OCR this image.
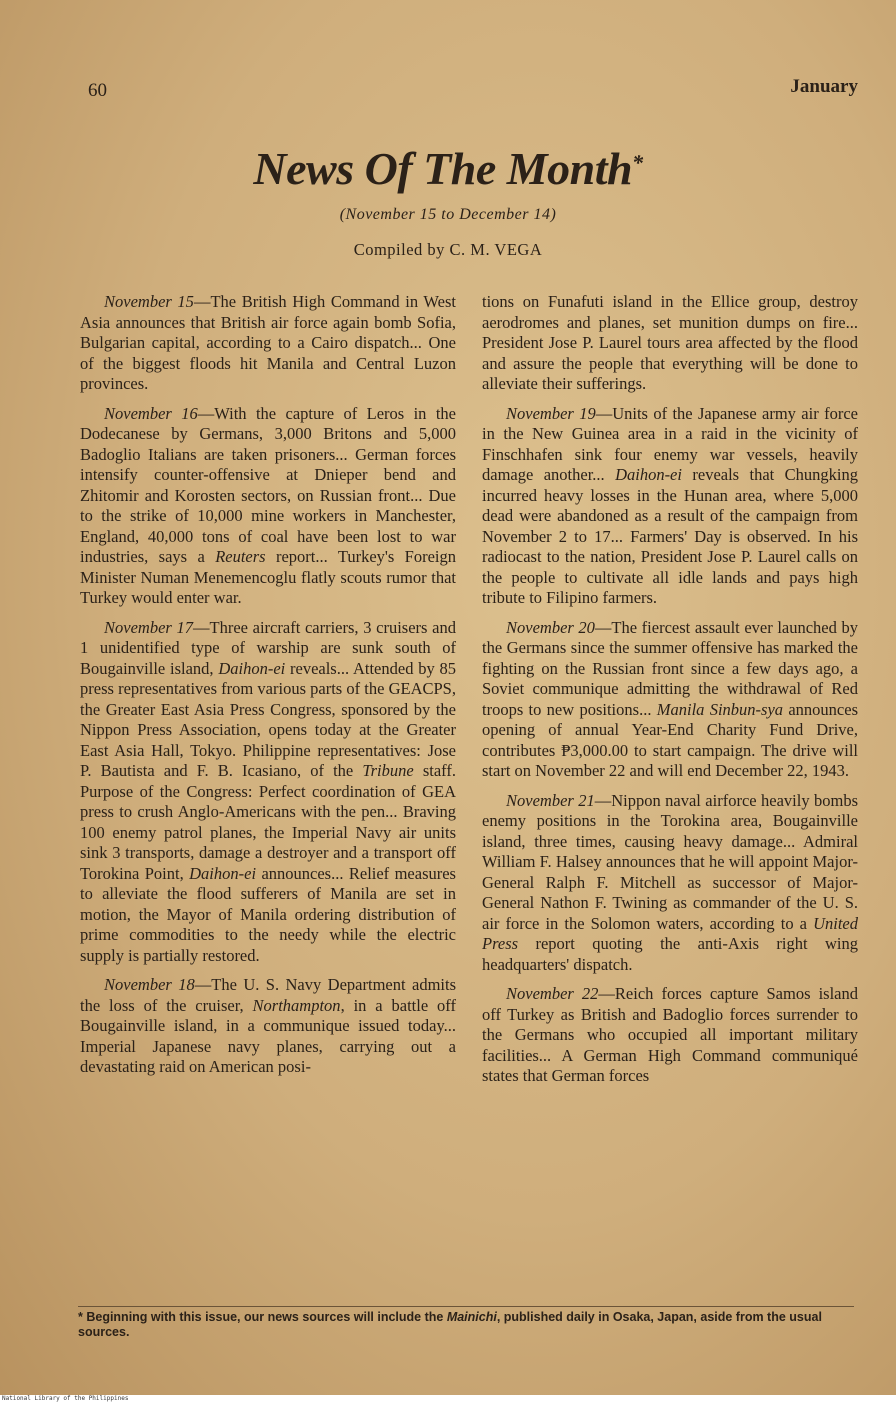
60	January
News Of The Month*
(November 15 to December 14)
Compiled by C. M. VEGA

November 15—The British High Command in West Asia announces that British air force again bomb Sofia, Bulgarian capital, according to a Cairo dispatch... One of the biggest floods hit Manila and Central Luzon provinces.

November 16—With the capture of Leros in the Dodecanese by Germans, 3,000 Britons and 5,000 Badoglio Italians are taken prisoners... German forces intensify counter-offensive at Dnieper bend and Zhitomir and Korosten sectors, on Russian front... Due to the strike of 10,000 mine workers in Manchester, England, 40,000 tons of coal have been lost to war industries, says a Reuters report... Turkey's Foreign Minister Numan Menemencoglu flatly scouts rumor that Turkey would enter war.

November 17—Three aircraft carriers, 3 cruisers and 1 unidentified type of warship are sunk south of Bougainville island, Daihon-ei reveals... Attended by 85 press representatives from various parts of the GEACPS, the Greater East Asia Press Congress, sponsored by the Nippon Press Association, opens today at the Greater East Asia Hall, Tokyo. Philippine representatives: Jose P. Bautista and F. B. Icasiano, of the Tribune staff. Purpose of the Congress: Perfect coordination of GEA press to crush Anglo-Americans with the pen... Braving 100 enemy patrol planes, the Imperial Navy air units sink 3 transports, damage a destroyer and a transport off Torokina Point, Daihon-ei announces... Relief measures to alleviate the flood sufferers of Manila are set in motion, the Mayor of Manila ordering distribution of prime commodities to the needy while the electric supply is partially restored.

November 18—The U. S. Navy Department admits the loss of the cruiser, Northampton, in a battle off Bougainville island, in a communique issued today... Imperial Japanese navy planes, carrying out a devastating raid on American posi-

tions on Funafuti island in the Ellice group, destroy aerodromes and planes, set munition dumps on fire... President Jose P. Laurel tours area affected by the flood and assure the people that everything will be done to alleviate their sufferings.

November 19—Units of the Japanese army air force in the New Guinea area in a raid in the vicinity of Finschhafen sink four enemy war vessels, heavily damage another... Daihon-ei reveals that Chungking incurred heavy losses in the Hunan area, where 5,000 dead were abandoned as a result of the campaign from November 2 to 17... Farmers' Day is observed. In his radiocast to the nation, President Jose P. Laurel calls on the people to cultivate all idle lands and pays high tribute to Filipino farmers.

November 20—The fiercest assault ever launched by the Germans since the summer offensive has marked the fighting on the Russian front since a few days ago, a Soviet communique admitting the withdrawal of Red troops to new positions... Manila Sinbun-sya announces opening of annual Year-End Charity Fund Drive, contributes ₱3,000.00 to start campaign. The drive will start on November 22 and will end December 22, 1943.

November 21—Nippon naval airforce heavily bombs enemy positions in the Torokina area, Bougainville island, three times, causing heavy damage... Admiral William F. Halsey announces that he will appoint Major-General Ralph F. Mitchell as successor of Major-General Nathon F. Twining as commander of the U. S. air force in the Solomon waters, according to a United Press report quoting the anti-Axis right wing headquarters' dispatch.

November 22—Reich forces capture Samos island off Turkey as British and Badoglio forces surrender to the Germans who occupied all important military facilities... A German High Command communiqué states that German forces

* Beginning with this issue, our news sources will include the Mainichi, published daily in Osaka, Japan, aside from the usual sources.
National Library of the Philippines
